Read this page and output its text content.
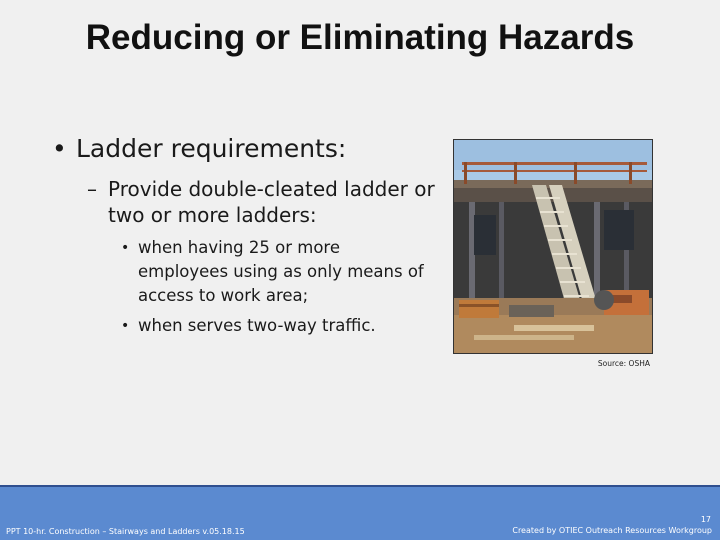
Reducing or Eliminating Hazards
• Ladder requirements:
– Provide double-cleated ladder or two or more ladders:
• when having 25 or more employees using as only means of access to work area;
• when serves two-way traffic.
Source: OSHA
17
PPT 10-hr. Construction – Stairways and Ladders v.05.18.15	Created by OTIEC Outreach Resources Workgroup
